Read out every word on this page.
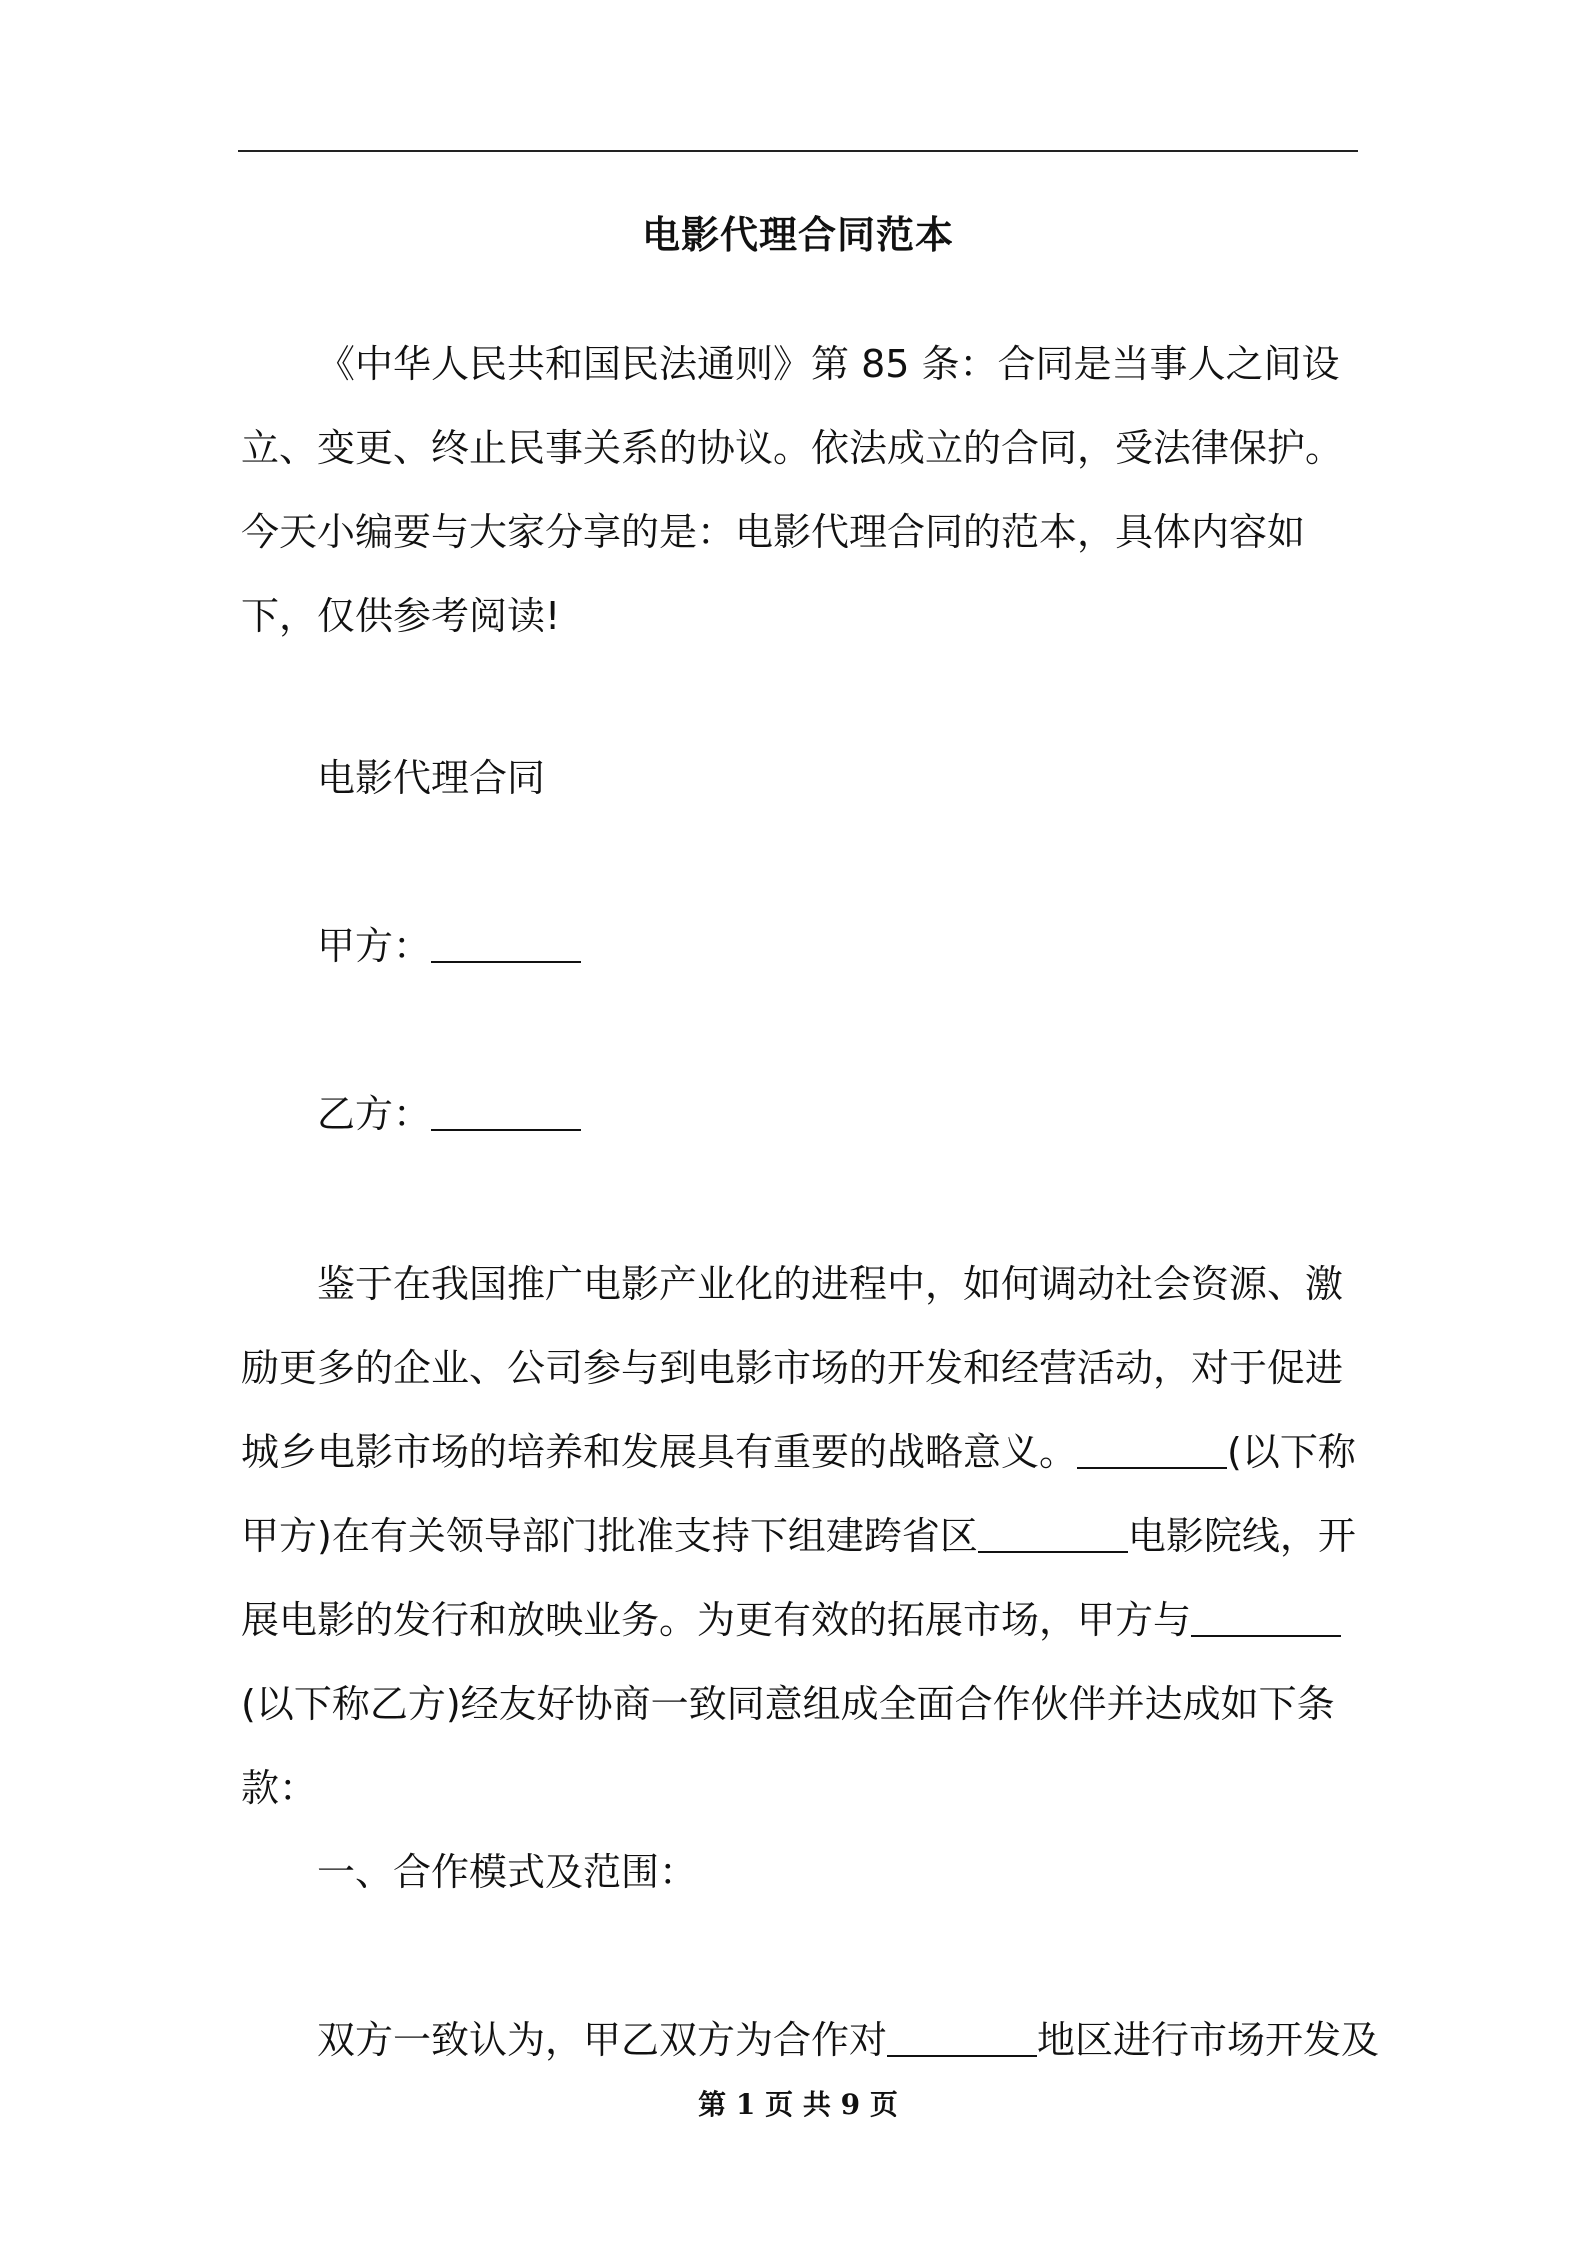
电影代理合同范本

《中华人民共和国民法通则》第 85 条：合同是当事人之间设立、变更、终止民事关系的协议。依法成立的合同，受法律保护。今天小编要与大家分享的是：电影代理合同的范本，具体内容如下，仅供参考阅读!

电影代理合同
甲方：
乙方：

鉴于在我国推广电影产业化的进程中，如何调动社会资源、激励更多的企业、公司参与到电影市场的开发和经营活动，对于促进城乡电影市场的培养和发展具有重要的战略意义。	(以下称甲方)在有关领导部门批准支持下组建跨省区	电影院线，开展电影的发行和放映业务。为更有效的拓展市场，甲方与(以下称乙方)经友好协商一致同意组成全面合作伙伴并达成如下条款：

一、合作模式及范围：
双方一致认为，甲乙双方为合作对	地区进行市场开发及
第 1 页 共 9 页
